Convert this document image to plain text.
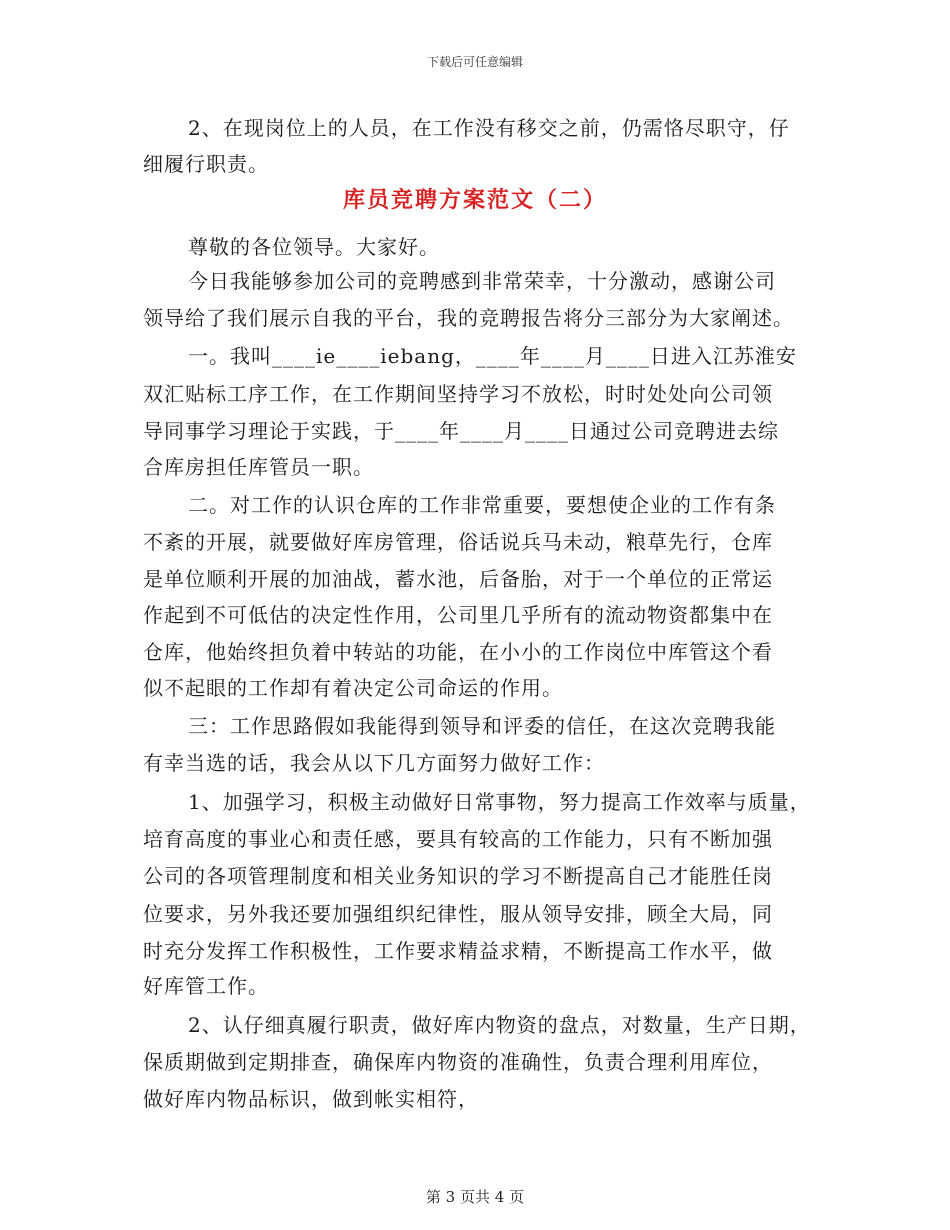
下载后可任意编辑
2、在现岗位上的人员，在工作没有移交之前，仍需恪尽职守，仔
细履行职责。
库员竞聘方案范文（二）
尊敬的各位领导。大家好。
今日我能够参加公司的竞聘感到非常荣幸，十分激动，感谢公司
领导给了我们展示自我的平台，我的竞聘报告将分三部分为大家阐述。
一。我叫____ie____iebang，____年____月____日进入江苏淮安
双汇贴标工序工作，在工作期间坚持学习不放松，时时处处向公司领
导同事学习理论于实践，于____年____月____日通过公司竞聘进去综
合库房担任库管员一职。
二。对工作的认识仓库的工作非常重要，要想使企业的工作有条
不紊的开展，就要做好库房管理，俗话说兵马未动，粮草先行，仓库
是单位顺利开展的加油战，蓄水池，后备胎，对于一个单位的正常运
作起到不可低估的决定性作用，公司里几乎所有的流动物资都集中在
仓库，他始终担负着中转站的功能，在小小的工作岗位中库管这个看
似不起眼的工作却有着决定公司命运的作用。
三：工作思路假如我能得到领导和评委的信任，在这次竞聘我能
有幸当选的话，我会从以下几方面努力做好工作：
1、加强学习，积极主动做好日常事物，努力提高工作效率与质量，
培育高度的事业心和责任感，要具有较高的工作能力，只有不断加强
公司的各项管理制度和相关业务知识的学习不断提高自己才能胜任岗
位要求，另外我还要加强组织纪律性，服从领导安排，顾全大局，同
时充分发挥工作积极性，工作要求精益求精，不断提高工作水平，做
好库管工作。
2、认仔细真履行职责，做好库内物资的盘点，对数量，生产日期，
保质期做到定期排查，确保库内物资的准确性，负责合理利用库位，
做好库内物品标识，做到帐实相符，
第 3 页共 4 页
